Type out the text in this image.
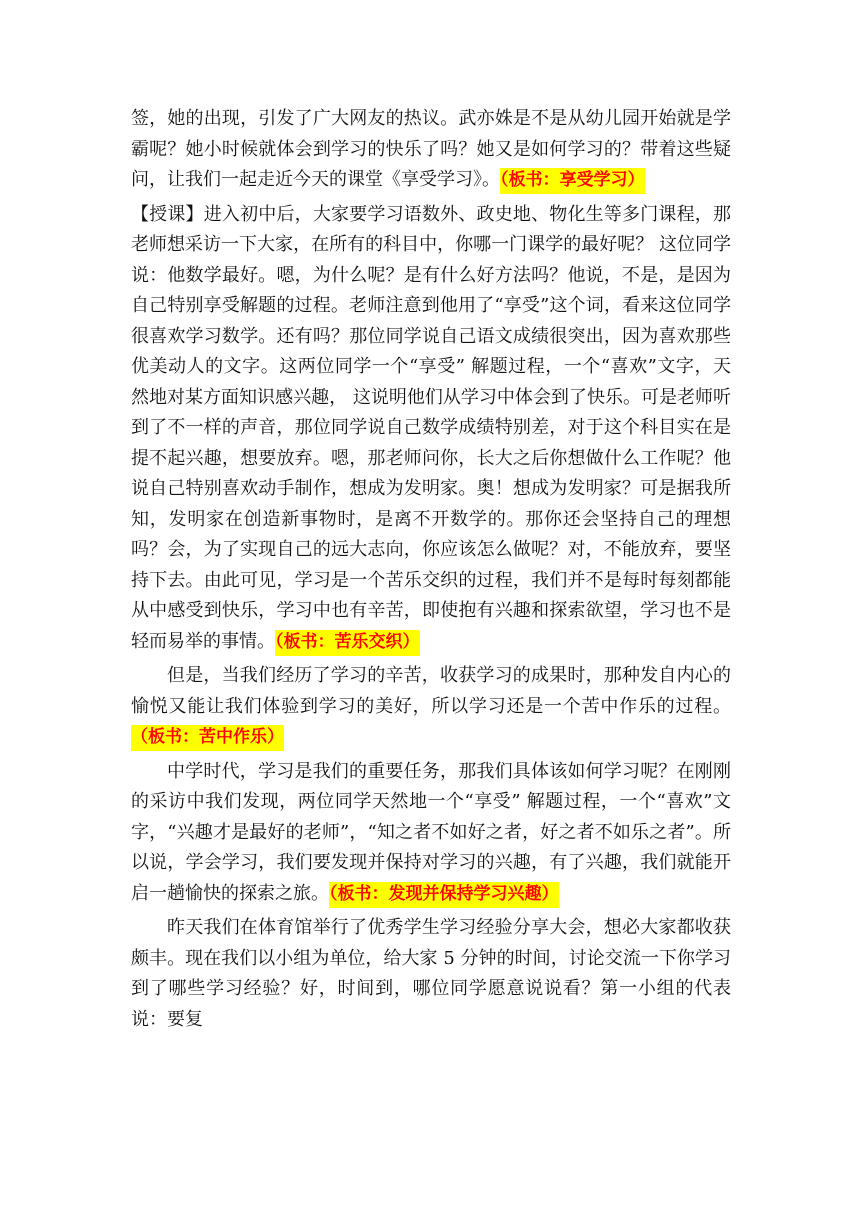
签，她的出现，引发了广大网友的热议。武亦姝是不是从幼儿园开始就是学霸呢？她小时候就体会到学习的快乐了吗？她又是如何学习的？带着这些疑问，让我们一起走近今天的课堂《享受学习》。（板书：享受学习）

【授课】进入初中后，大家要学习语数外、政史地、物化生等多门课程，那老师想采访一下大家，在所有的科目中，你哪一门课学的最好呢？ 这位同学说：他数学最好。嗯，为什么呢？是有什么好方法吗？他说，不是，是因为自己特别享受解题的过程。老师注意到他用了“享受”这个词，看来这位同学很喜欢学习数学。还有吗？那位同学说自己语文成绩很突出，因为喜欢那些优美动人的文字。这两位同学一个“享受” 解题过程，一个“喜欢”文字，天然地对某方面知识感兴趣， 这说明他们从学习中体会到了快乐。可是老师听到了不一样的声音，那位同学说自己数学成绩特别差，对于这个科目实在是提不起兴趣，想要放弃。嗯，那老师问你，长大之后你想做什么工作呢？他说自己特别喜欢动手制作，想成为发明家。奥！想成为发明家？可是据我所知，发明家在创造新事物时，是离不开数学的。那你还会坚持自己的理想吗？会，为了实现自己的远大志向，你应该怎么做呢？对，不能放弃，要坚持下去。由此可见，学习是一个苦乐交织的过程，我们并不是每时每刻都能从中感受到快乐，学习中也有辛苦，即使抱有兴趣和探索欲望，学习也不是轻而易举的事情。（板书：苦乐交织）

但是，当我们经历了学习的辛苦，收获学习的成果时，那种发自内心的愉悦又能让我们体验到学习的美好，所以学习还是一个苦中作乐的过程。（板书：苦中作乐）

中学时代，学习是我们的重要任务，那我们具体该如何学习呢？在刚刚的采访中我们发现，两位同学天然地一个“享受” 解题过程，一个“喜欢”文字，“兴趣才是最好的老师”，“知之者不如好之者，好之者不如乐之者”。所以说，学会学习，我们要发现并保持对学习的兴趣，有了兴趣，我们就能开启一趟愉快的探索之旅。（板书：发现并保持学习兴趣）

昨天我们在体育馆举行了优秀学生学习经验分享大会，想必大家都收获颇丰。现在我们以小组为单位，给大家 5 分钟的时间，讨论交流一下你学习到了哪些学习经验？好，时间到，哪位同学愿意说说看？第一小组的代表说：要复
